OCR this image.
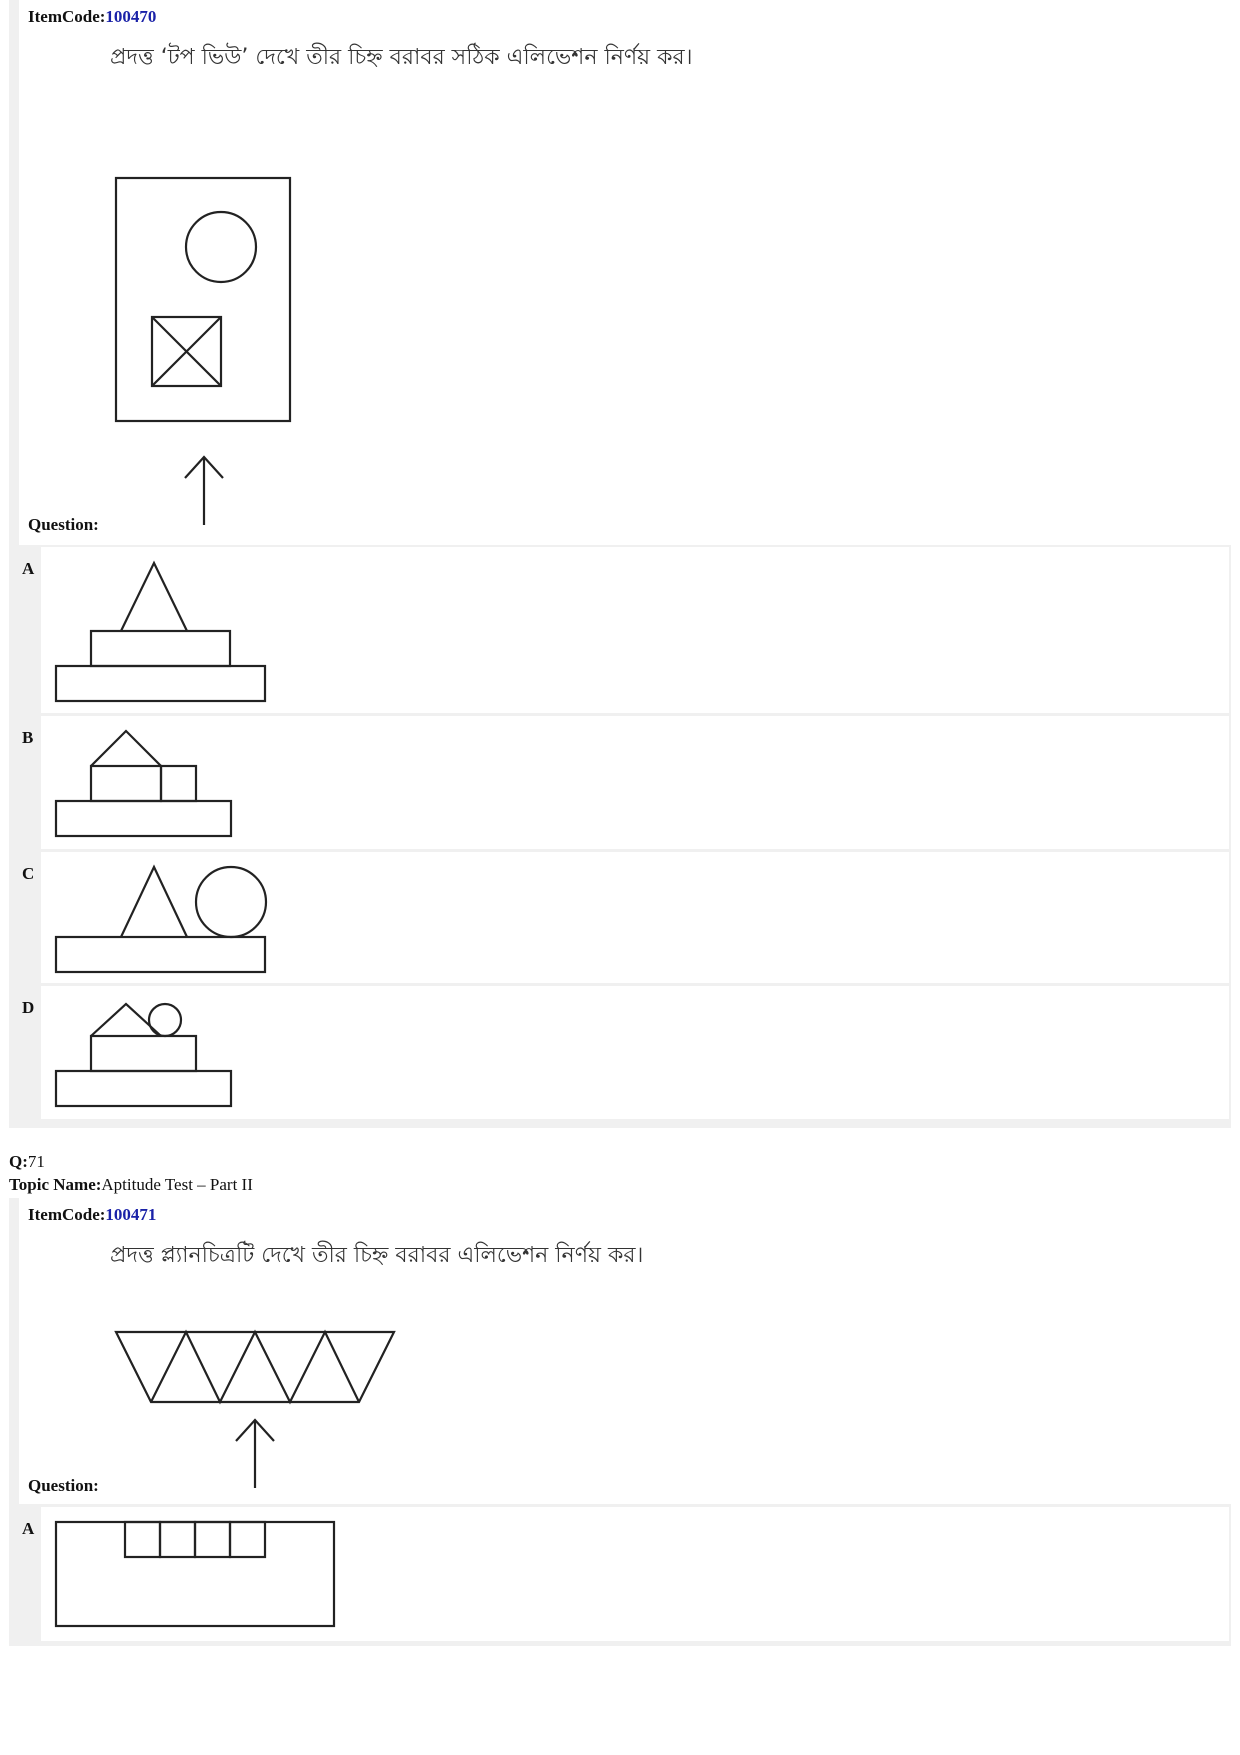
ItemCode:100470
প্রদত্ত ‘টপ ভিউ’ দেখে তীর চিহ্ন বরাবর সঠিক এলিভেশন নির্ণয় কর।
Question:
A
B
C
D
Q:71
Topic Name:Aptitude Test – Part II
ItemCode:100471
প্রদত্ত প্ল্যানচিত্রটি দেখে তীর চিহ্ন বরাবর এলিভেশন নির্ণয় কর।
Question:
A
